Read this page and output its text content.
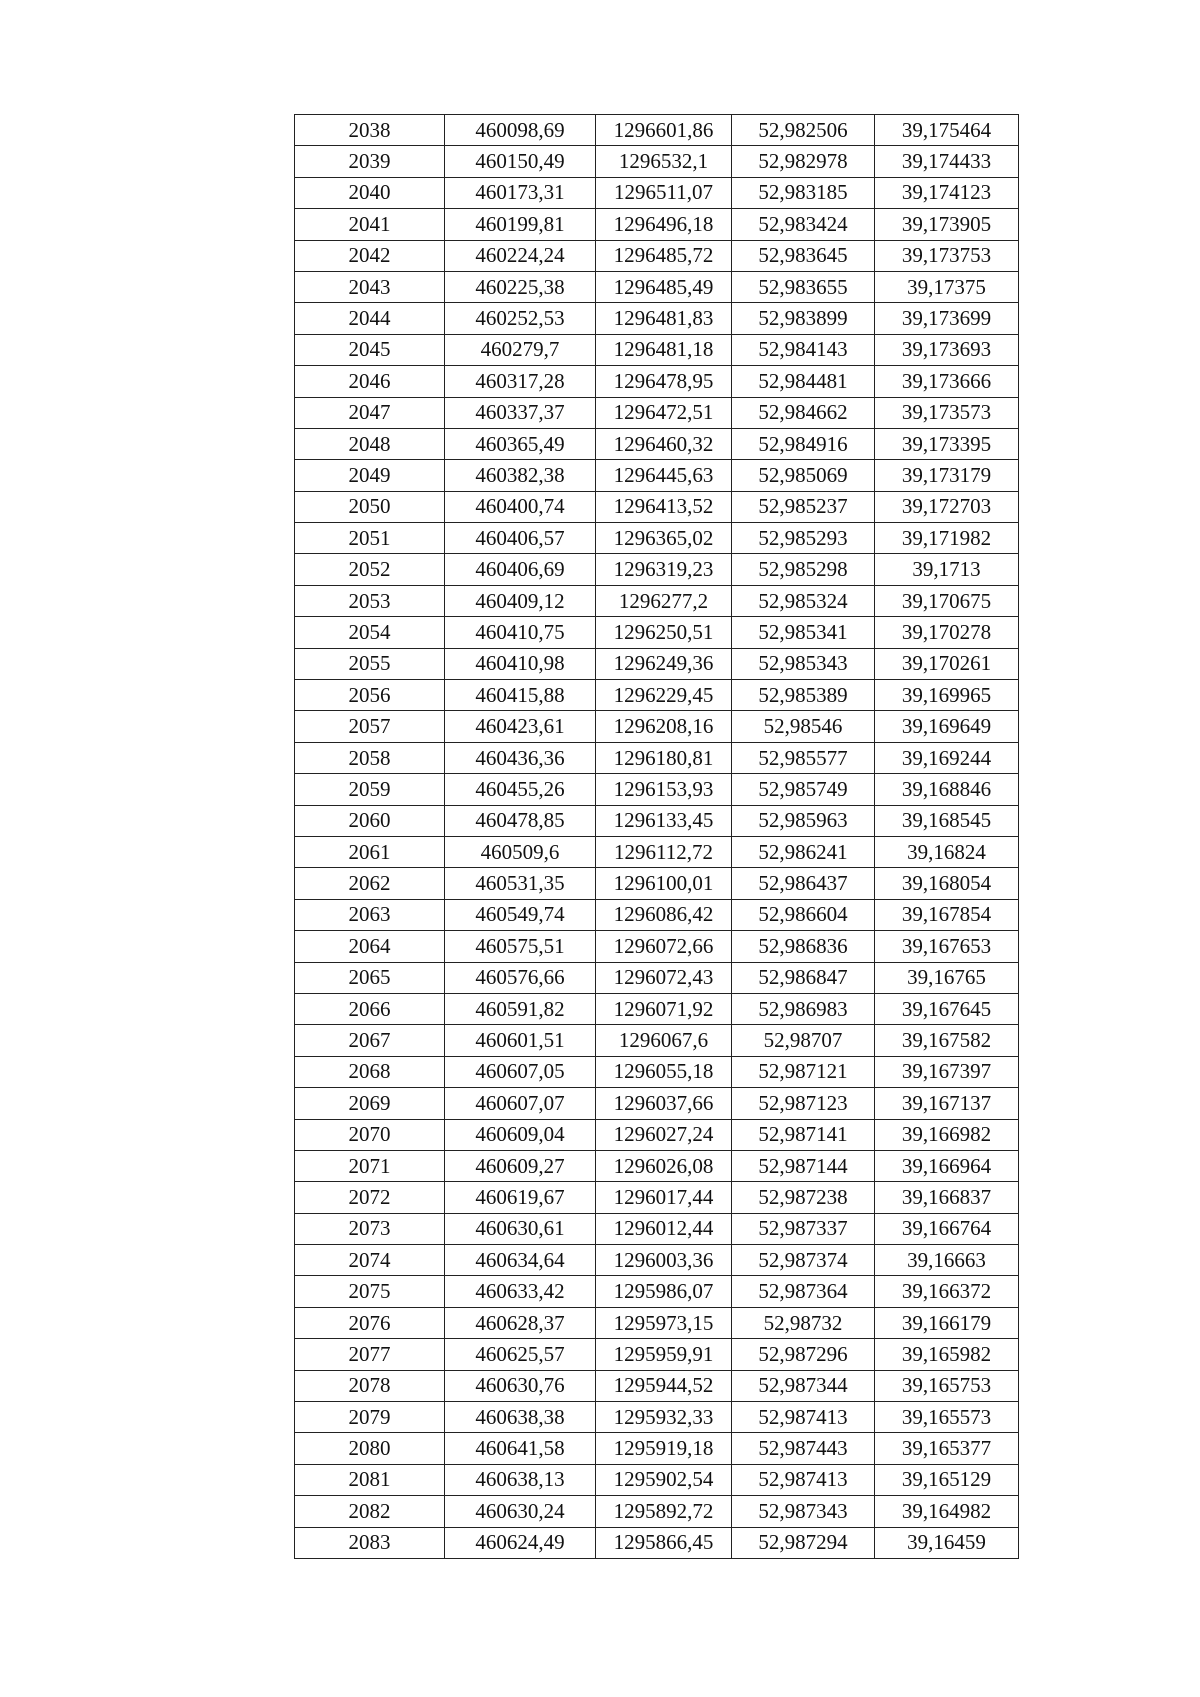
2038	460098,69	1296601,86	52,982506	39,175464
2039	460150,49	1296532,1	52,982978	39,174433
2040	460173,31	1296511,07	52,983185	39,174123
2041	460199,81	1296496,18	52,983424	39,173905
2042	460224,24	1296485,72	52,983645	39,173753
2043	460225,38	1296485,49	52,983655	39,17375
2044	460252,53	1296481,83	52,983899	39,173699
2045	460279,7	1296481,18	52,984143	39,173693
2046	460317,28	1296478,95	52,984481	39,173666
2047	460337,37	1296472,51	52,984662	39,173573
2048	460365,49	1296460,32	52,984916	39,173395
2049	460382,38	1296445,63	52,985069	39,173179
2050	460400,74	1296413,52	52,985237	39,172703
2051	460406,57	1296365,02	52,985293	39,171982
2052	460406,69	1296319,23	52,985298	39,1713
2053	460409,12	1296277,2	52,985324	39,170675
2054	460410,75	1296250,51	52,985341	39,170278
2055	460410,98	1296249,36	52,985343	39,170261
2056	460415,88	1296229,45	52,985389	39,169965
2057	460423,61	1296208,16	52,98546	39,169649
2058	460436,36	1296180,81	52,985577	39,169244
2059	460455,26	1296153,93	52,985749	39,168846
2060	460478,85	1296133,45	52,985963	39,168545
2061	460509,6	1296112,72	52,986241	39,16824
2062	460531,35	1296100,01	52,986437	39,168054
2063	460549,74	1296086,42	52,986604	39,167854
2064	460575,51	1296072,66	52,986836	39,167653
2065	460576,66	1296072,43	52,986847	39,16765
2066	460591,82	1296071,92	52,986983	39,167645
2067	460601,51	1296067,6	52,98707	39,167582
2068	460607,05	1296055,18	52,987121	39,167397
2069	460607,07	1296037,66	52,987123	39,167137
2070	460609,04	1296027,24	52,987141	39,166982
2071	460609,27	1296026,08	52,987144	39,166964
2072	460619,67	1296017,44	52,987238	39,166837
2073	460630,61	1296012,44	52,987337	39,166764
2074	460634,64	1296003,36	52,987374	39,16663
2075	460633,42	1295986,07	52,987364	39,166372
2076	460628,37	1295973,15	52,98732	39,166179
2077	460625,57	1295959,91	52,987296	39,165982
2078	460630,76	1295944,52	52,987344	39,165753
2079	460638,38	1295932,33	52,987413	39,165573
2080	460641,58	1295919,18	52,987443	39,165377
2081	460638,13	1295902,54	52,987413	39,165129
2082	460630,24	1295892,72	52,987343	39,164982
2083	460624,49	1295866,45	52,987294	39,16459
